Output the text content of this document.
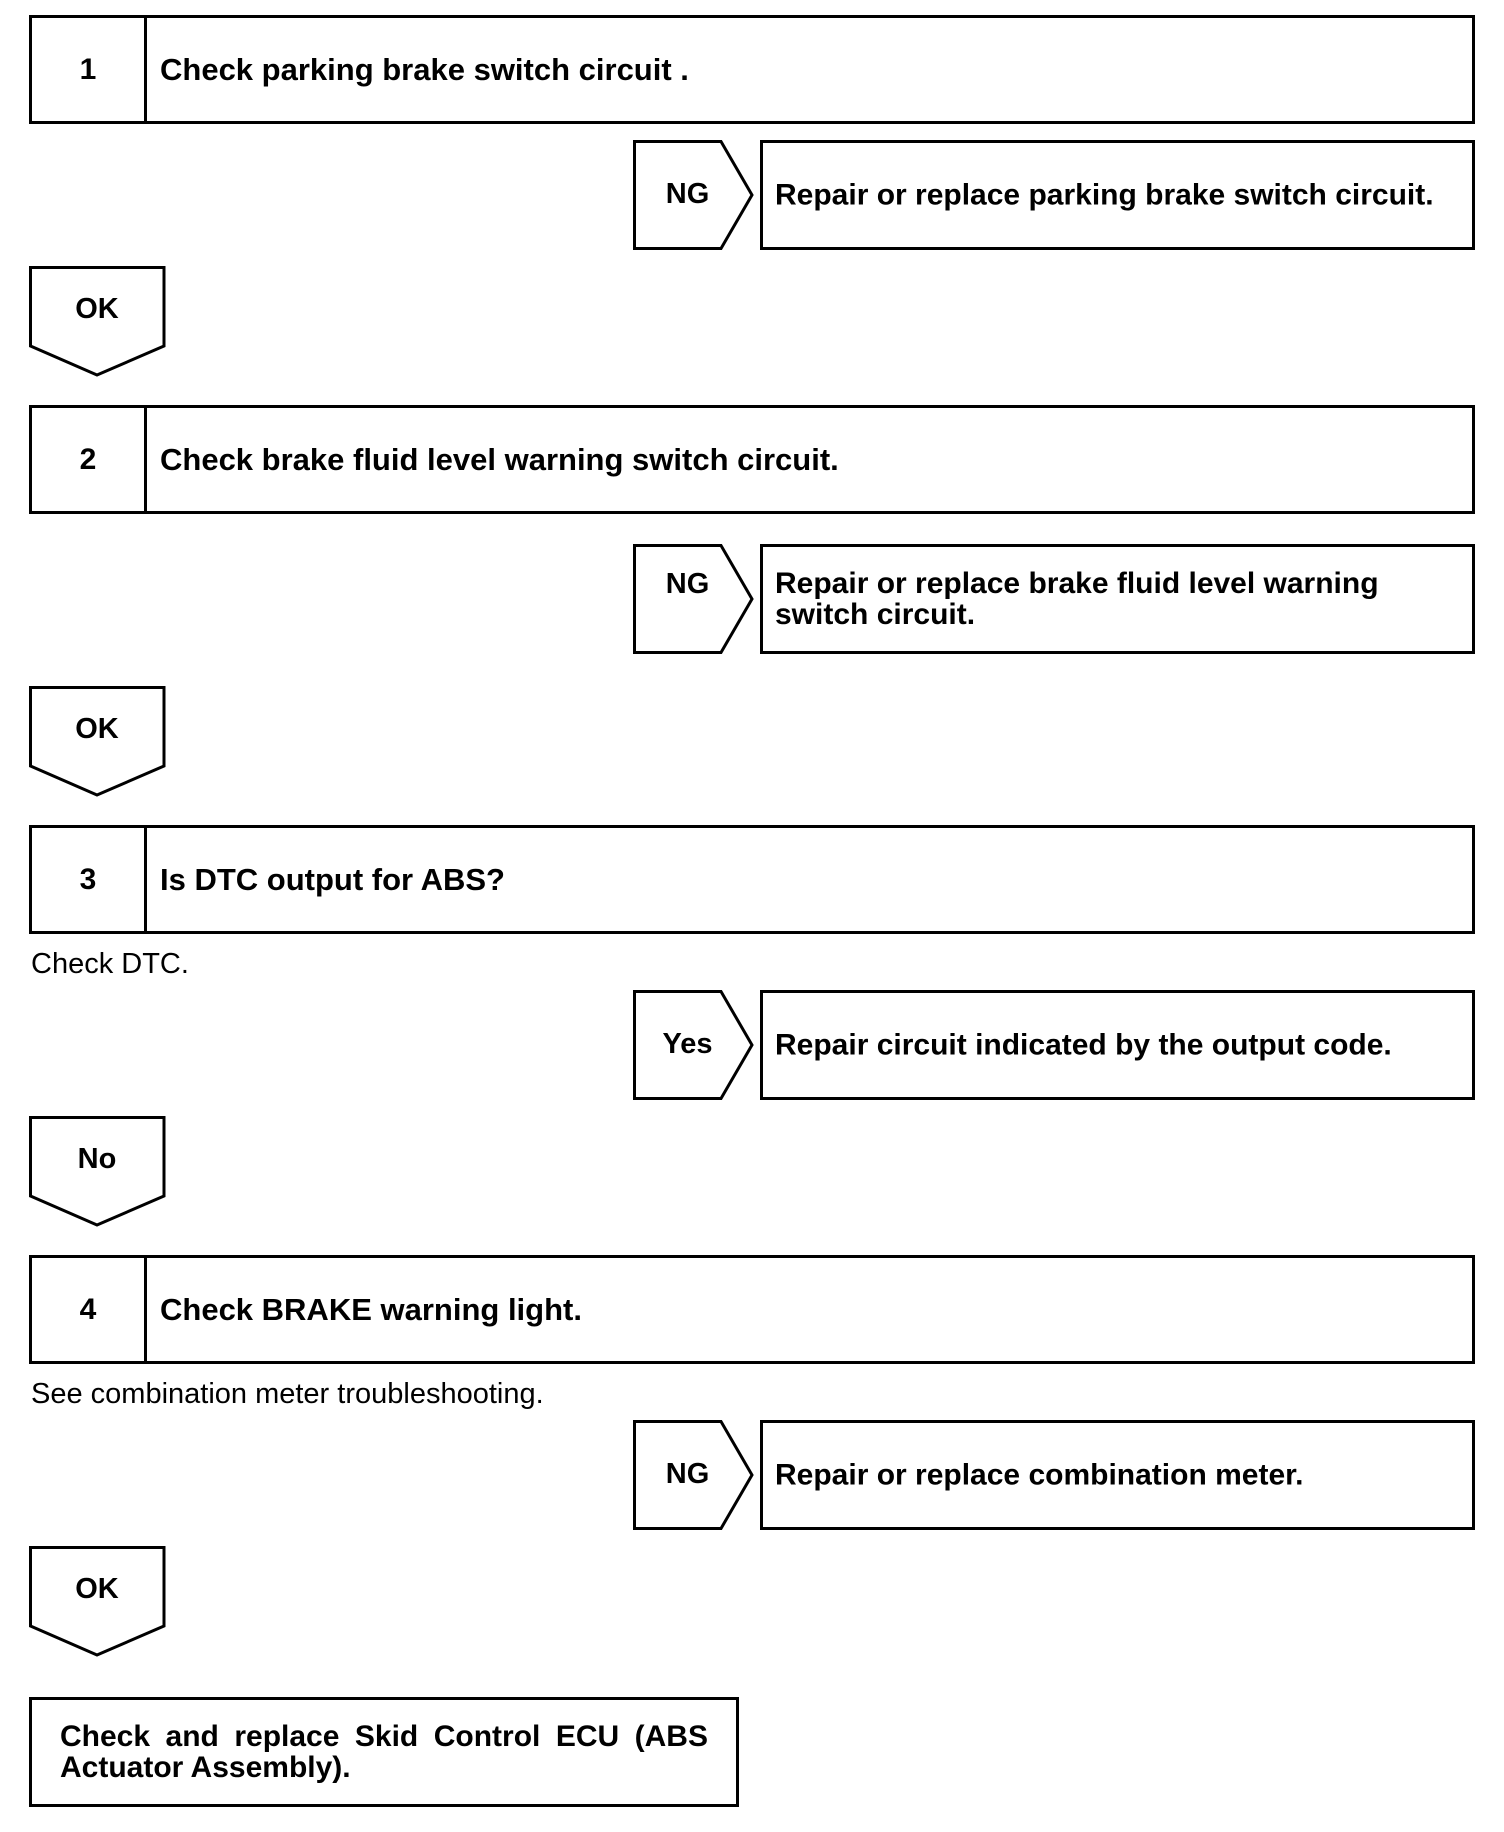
1	Check parking brake switch circuit .
NG	Repair or replace parking brake switch circuit.
OK
2	Check brake fluid level warning switch circuit.
NG	Repair or replace brake fluid level warning switch circuit.
OK
3	Is DTC output for ABS?
Check DTC.
Yes	Repair circuit indicated by the output code.
No
4	Check BRAKE warning light.
See combination meter troubleshooting.
NG	Repair or replace combination meter.
OK
Check and replace Skid Control ECU (ABS Actuator Assembly).
